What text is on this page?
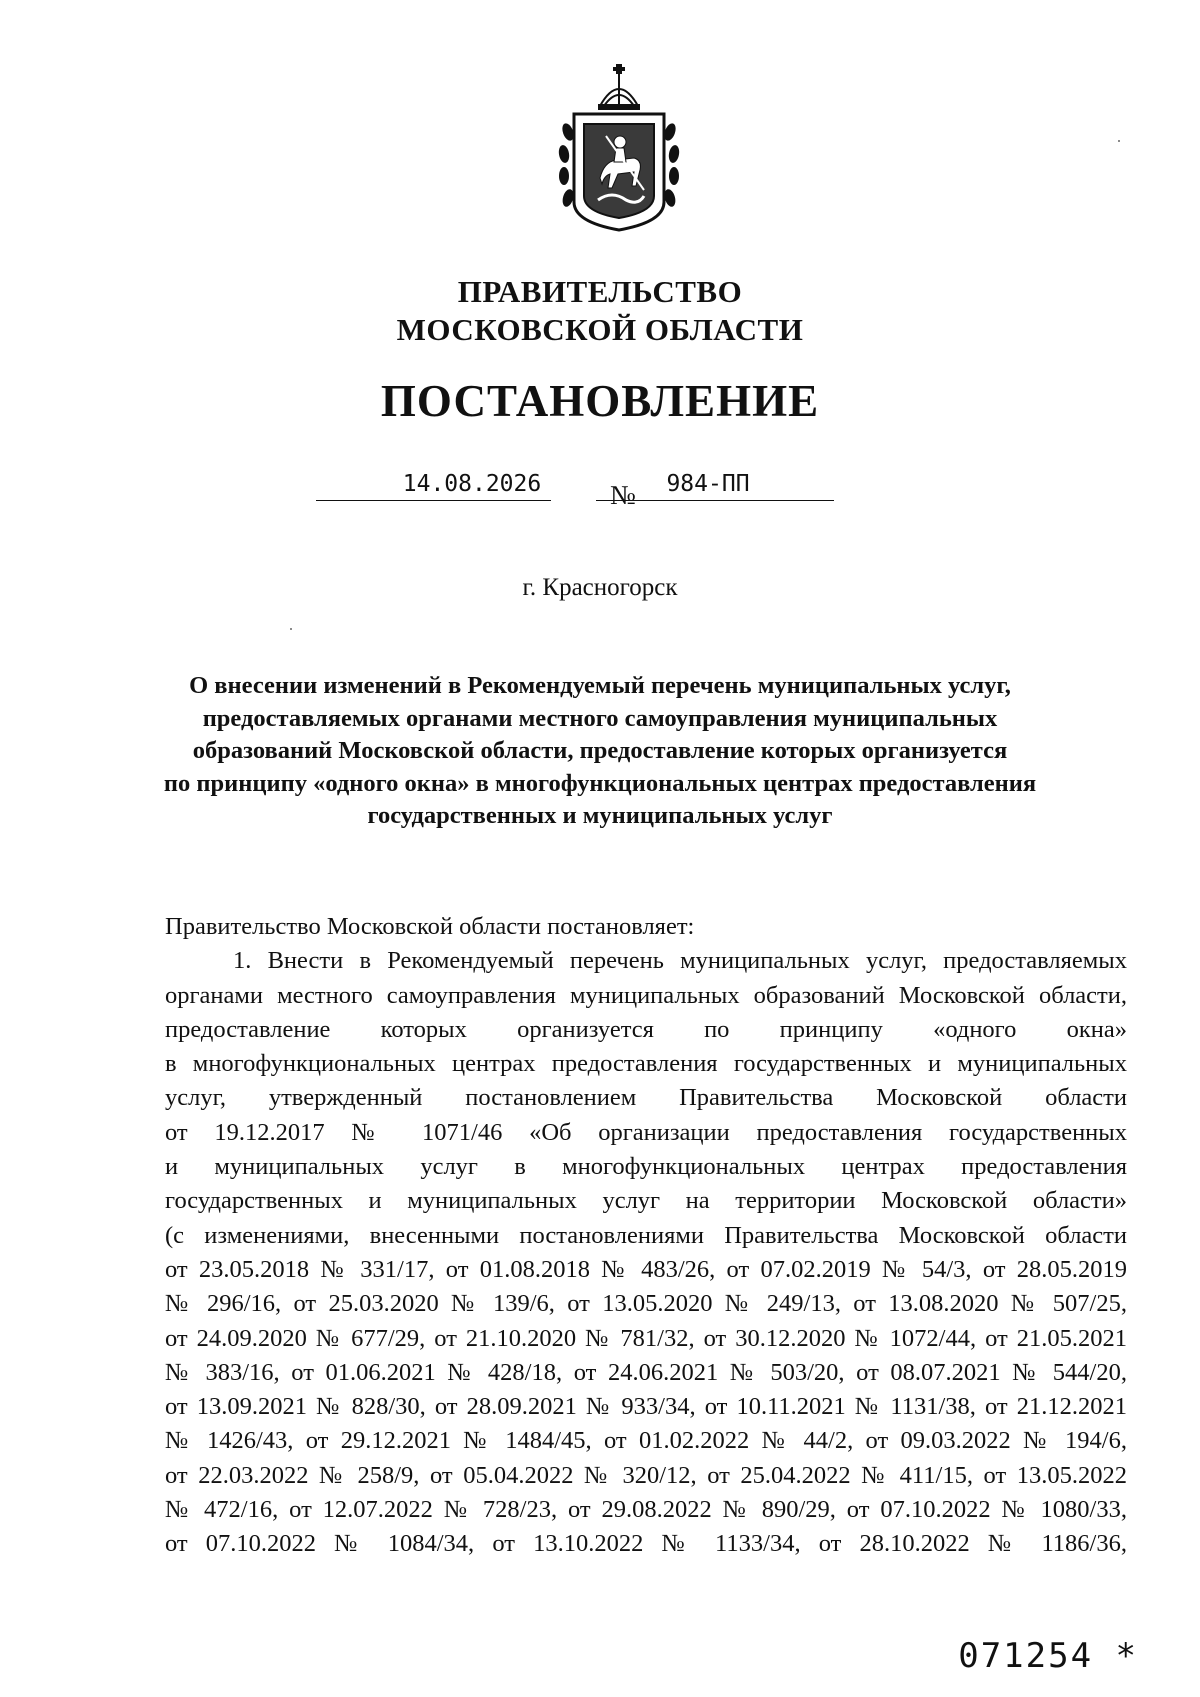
ПРАВИТЕЛЬСТВО
МОСКОВСКОЙ ОБЛАСТИ
ПОСТАНОВЛЕНИЕ
14.08.2026	№	984-ПП
г. Красногорск
О внесении изменений в Рекомендуемый перечень муниципальных услуг,
предоставляемых органами местного самоуправления муниципальных
образований Московской области, предоставление которых организуется
по принципу «одного окна» в многофункциональных центрах предоставления
государственных и муниципальных услуг

Правительство Московской области постановляет:

1. Внести в Рекомендуемый перечень муниципальных услуг, предоставляемых
органами местного самоуправления муниципальных образований Московской области,
предоставление которых организуется по принципу «одного окна»
в многофункциональных центрах предоставления государственных и муниципальных
услуг, утвержденный постановлением Правительства Московской области
от 19.12.2017 № 1071/46 «Об организации предоставления государственных
и муниципальных услуг в многофункциональных центрах предоставления
государственных и муниципальных услуг на территории Московской области»
(с изменениями, внесенными постановлениями Правительства Московской области
от 23.05.2018 № 331/17, от 01.08.2018 № 483/26, от 07.02.2019 № 54/3, от 28.05.2019
№ 296/16, от 25.03.2020 № 139/6, от 13.05.2020 № 249/13, от 13.08.2020 № 507/25,
от 24.09.2020 № 677/29, от 21.10.2020 № 781/32, от 30.12.2020 № 1072/44, от 21.05.2021
№ 383/16, от 01.06.2021 № 428/18, от 24.06.2021 № 503/20, от 08.07.2021 № 544/20,
от 13.09.2021 № 828/30, от 28.09.2021 № 933/34, от 10.11.2021 № 1131/38, от 21.12.2021
№ 1426/43, от 29.12.2021 № 1484/45, от 01.02.2022 № 44/2, от 09.03.2022 № 194/6,
от 22.03.2022 № 258/9, от 05.04.2022 № 320/12, от 25.04.2022 № 411/15, от 13.05.2022
№ 472/16, от 12.07.2022 № 728/23, от 29.08.2022 № 890/29, от 07.10.2022 № 1080/33,
от 07.10.2022 № 1084/34, от 13.10.2022 № 1133/34, от 28.10.2022 № 1186/36,

071254 *
